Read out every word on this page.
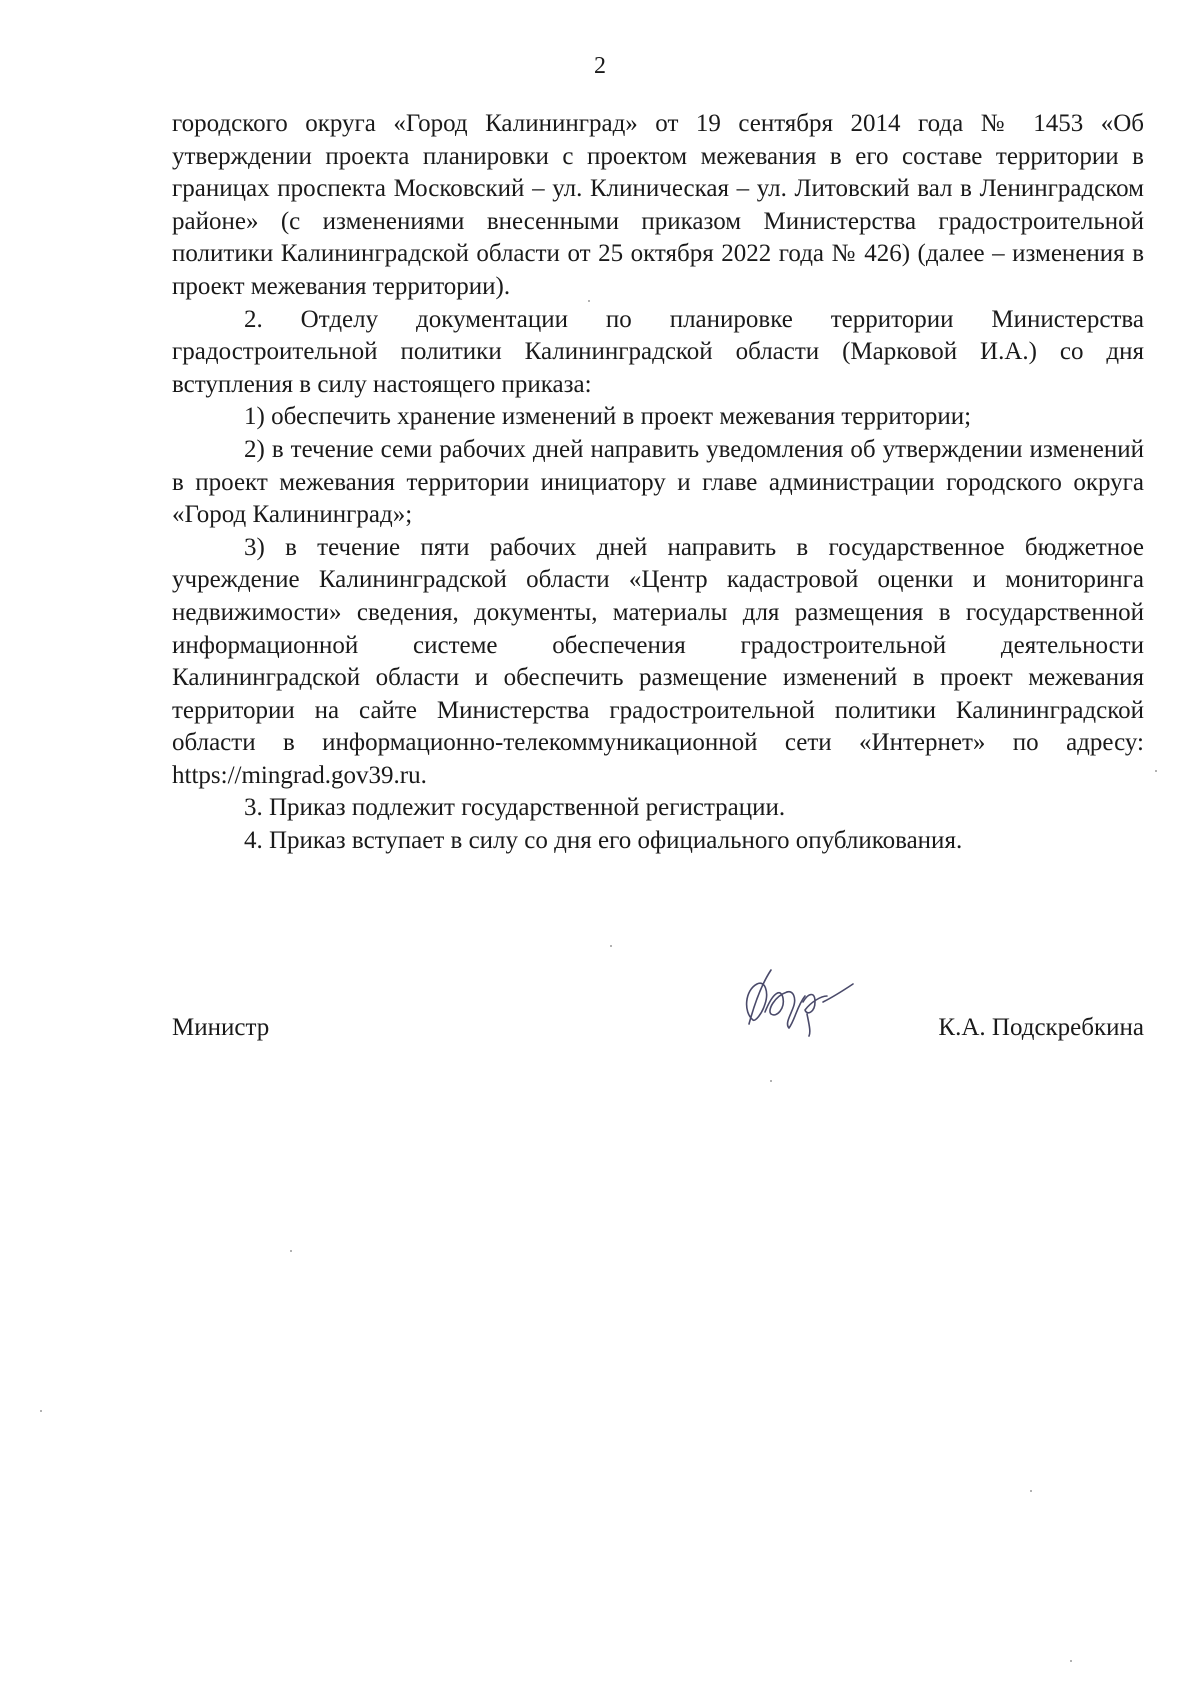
2

городского округа «Город Калининград» от 19 сентября 2014 года № 1453 «Об утверждении проекта планировки с проектом межевания в его составе территории в границах проспекта Московский – ул. Клиническая – ул. Литовский вал в Ленинградском районе» (с изменениями внесенными приказом Министерства градостроительной политики Калининградской области от 25 октября 2022 года № 426) (далее – изменения в проект межевания территории).

2. Отделу документации по планировке территории Министерства градостроительной политики Калининградской области (Марковой И.А.) со дня вступления в силу настоящего приказа:

1) обеспечить хранение изменений в проект межевания территории;

2) в течение семи рабочих дней направить уведомления об утверждении изменений в проект межевания территории инициатору и главе администрации городского округа «Город Калининград»;

3) в течение пяти рабочих дней направить в государственное бюджетное учреждение Калининградской области «Центр кадастровой оценки и мониторинга недвижимости» сведения, документы, материалы для размещения в государственной информационной системе обеспечения градостроительной деятельности Калининградской области и обеспечить размещение изменений в проект межевания территории на сайте Министерства градостроительной политики Калининградской области в информационно-телекоммуникационной сети «Интернет» по адресу: https://mingrad.gov39.ru.

3. Приказ подлежит государственной регистрации.

4. Приказ вступает в силу со дня его официального опубликования.

Министр	К.А. Подскребкина
